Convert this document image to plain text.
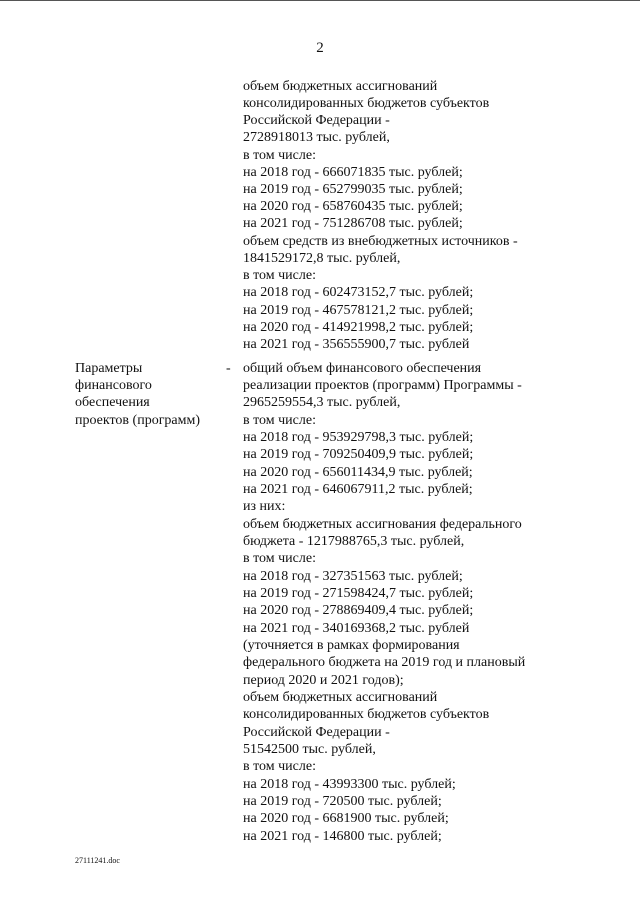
2
объем бюджетных ассигнований
консолидированных бюджетов субъектов
Российской Федерации -
2728918013 тыс. рублей,
в том числе:
на 2018 год - 666071835 тыс. рублей;
на 2019 год - 652799035 тыс. рублей;
на 2020 год - 658760435 тыс. рублей;
на 2021 год - 751286708 тыс. рублей;
объем средств из внебюджетных источников -
1841529172,8 тыс. рублей,
в том числе:
на 2018 год - 602473152,7 тыс. рублей;
на 2019 год - 467578121,2 тыс. рублей;
на 2020 год - 414921998,2 тыс. рублей;
на 2021 год - 356555900,7 тыс. рублей
Параметры
финансового
обеспечения
проектов (программ)
- общий объем финансового обеспечения
реализации проектов (программ) Программы -
2965259554,3 тыс. рублей,
в том числе:
на 2018 год - 953929798,3 тыс. рублей;
на 2019 год - 709250409,9 тыс. рублей;
на 2020 год - 656011434,9 тыс. рублей;
на 2021 год - 646067911,2 тыс. рублей;
из них:
объем бюджетных ассигнования федерального
бюджета - 1217988765,3 тыс. рублей,
в том числе:
на 2018 год - 327351563 тыс. рублей;
на 2019 год - 271598424,7 тыс. рублей;
на 2020 год - 278869409,4 тыс. рублей;
на 2021 год - 340169368,2 тыс. рублей
(уточняется в рамках формирования
федерального бюджета на 2019 год и плановый
период 2020 и 2021 годов);
объем бюджетных ассигнований
консолидированных бюджетов субъектов
Российской Федерации -
51542500 тыс. рублей,
в том числе:
на 2018 год - 43993300 тыс. рублей;
на 2019 год - 720500 тыс. рублей;
на 2020 год - 6681900 тыс. рублей;
на 2021 год - 146800 тыс. рублей;
27111241.doc
